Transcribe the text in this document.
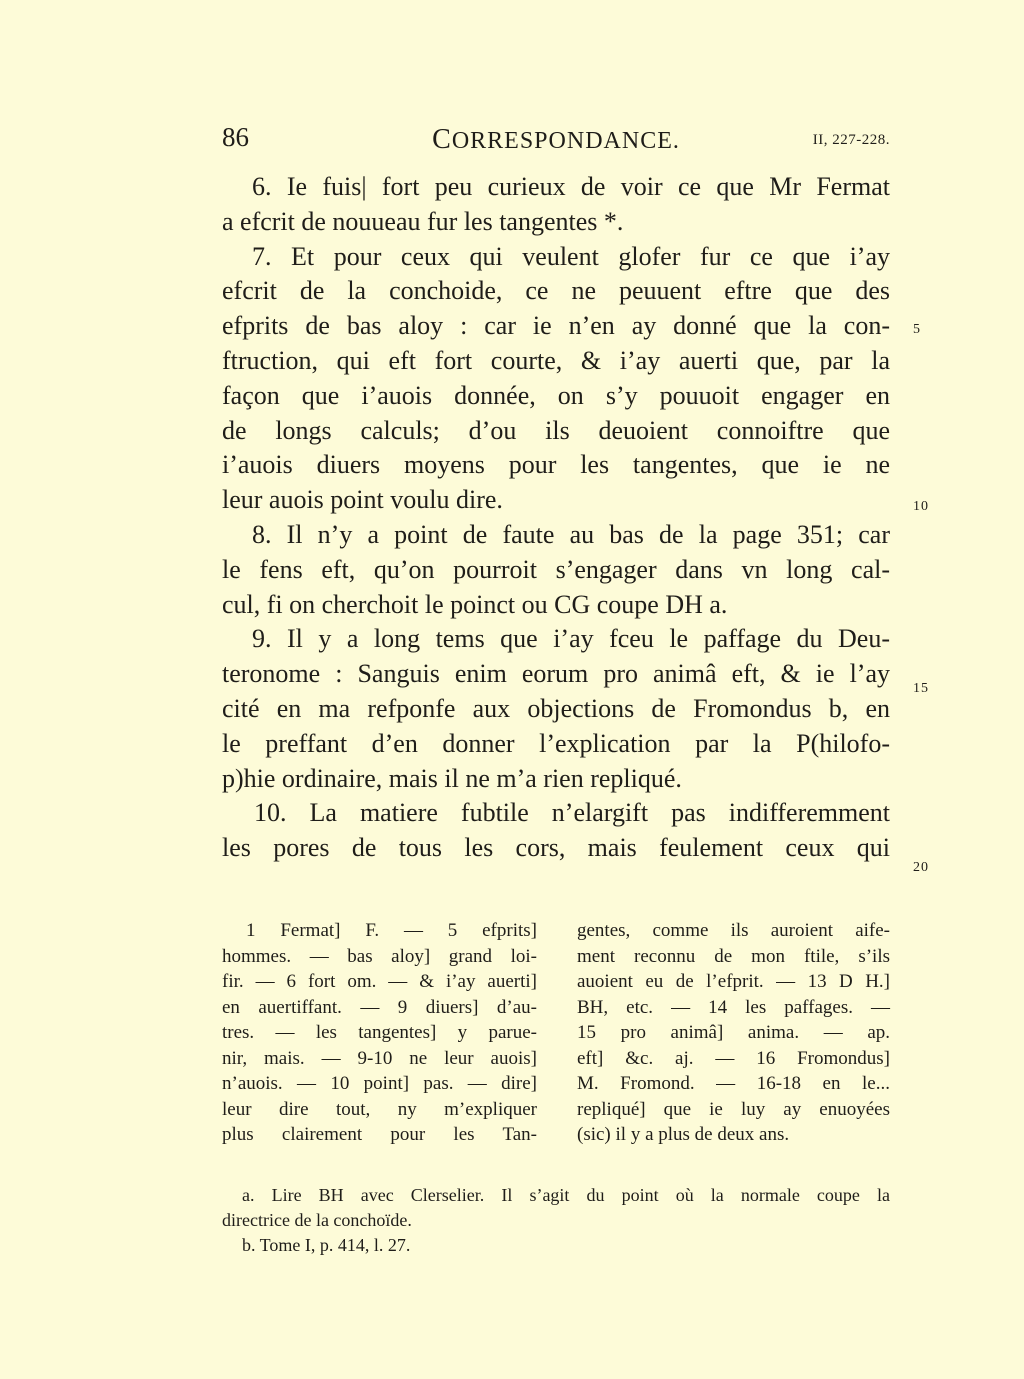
86	CORRESPONDANCE.	II, 227-228.
6. Ie fuis| fort peu curieux de voir ce que Mr Fermat
a efcrit de nouueau fur les tangentes *.
7. Et pour ceux qui veulent glofer fur ce que i’ay
efcrit de la conchoide, ce ne peuuent eftre que des
efprits de bas aloy : car ie n’en ay donné que la con-
ftruction, qui eft fort courte, & i’ay auerti que, par la
façon que i’auois donnée, on s’y pouuoit engager en
de longs calculs; d’ou ils deuoient connoiftre que
i’auois diuers moyens pour les tangentes, que ie ne
leur auois point voulu dire.
8. Il n’y a point de faute au bas de la page 351; car
le fens eft, qu’on pourroit s’engager dans vn long cal-
cul, fi on cherchoit le poinct ou CG coupe DH a.
9. Il y a long tems que i’ay fceu le paffage du Deu-
teronome : Sanguis enim eorum pro animâ eft, & ie l’ay
cité en ma refponfe aux objections de Fromondus b, en
le preffant d’en donner l’explication par la P(hilofo-
p)hie ordinaire, mais il ne m’a rien repliqué.
10. La matiere fubtile n’elargift pas indifferemment
les pores de tous les cors, mais feulement ceux qui
5
10
15
20
1 Fermat] F. — 5 efprits]
hommes. — bas aloy] grand loi-
fir. — 6 fort om. — & i’ay auerti]
en auertiffant. — 9 diuers] d’au-
tres. — les tangentes] y parue-
nir, mais. — 9-10 ne leur auois]
n’auois. — 10 point] pas. — dire]
leur dire tout, ny m’expliquer
plus clairement pour les Tan-
gentes, comme ils auroient aife-
ment reconnu de mon ftile, s’ils
auoient eu de l’efprit. — 13 D H.]
BH, etc. — 14 les paffages. —
15 pro animâ] anima. — ap.
eft] &c. aj. — 16 Fromondus]
M. Fromond. — 16-18 en le...
repliqué] que ie luy ay enuoyées
(sic) il y a plus de deux ans.
a. Lire BH avec Clerselier. Il s’agit du point où la normale coupe la
directrice de la conchoïde.
b. Tome I, p. 414, l. 27.
